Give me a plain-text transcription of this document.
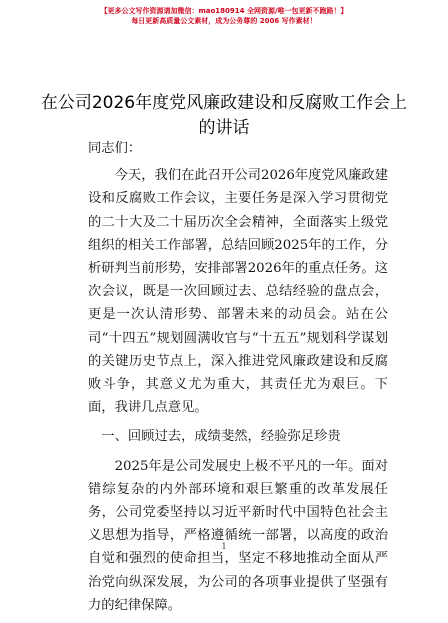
【更多公文写作资源请加微信：mao180914 全网资源/唯一包更新不跑路！】
每日更新高质量公文素材，成为公务尊的 2006 写作素材！
在公司2026年度党风廉政建设和反腐败工作会上的讲话

同志们：

今天，我们在此召开公司2026年度党风廉政建设和反腐败工作会议，主要任务是深入学习贯彻党的二十大及二十届历次全会精神，全面落实上级党组织的相关工作部署，总结回顾2025年的工作，分析研判当前形势，安排部署2026年的重点任务。这次会议，既是一次回顾过去、总结经验的盘点会，更是一次认清形势、部署未来的动员会。站在公司“十四五”规划圆满收官与“十五五”规划科学谋划的关键历史节点上，深入推进党风廉政建设和反腐败斗争，其意义尤为重大，其责任尤为艰巨。下面，我讲几点意见。

一、回顾过去，成绩斐然，经验弥足珍贵

2025年是公司发展史上极不平凡的一年。面对错综复杂的内外部环境和艰巨繁重的改革发展任务，公司党委坚持以习近平新时代中国特色社会主义思想为指导，严格遵循统一部署，以高度的政治自觉和强烈的使命担当，坚定不移地推动全面从严治党向纵深发展，为公司的各项事业提供了坚强有力的纪律保障。

1
